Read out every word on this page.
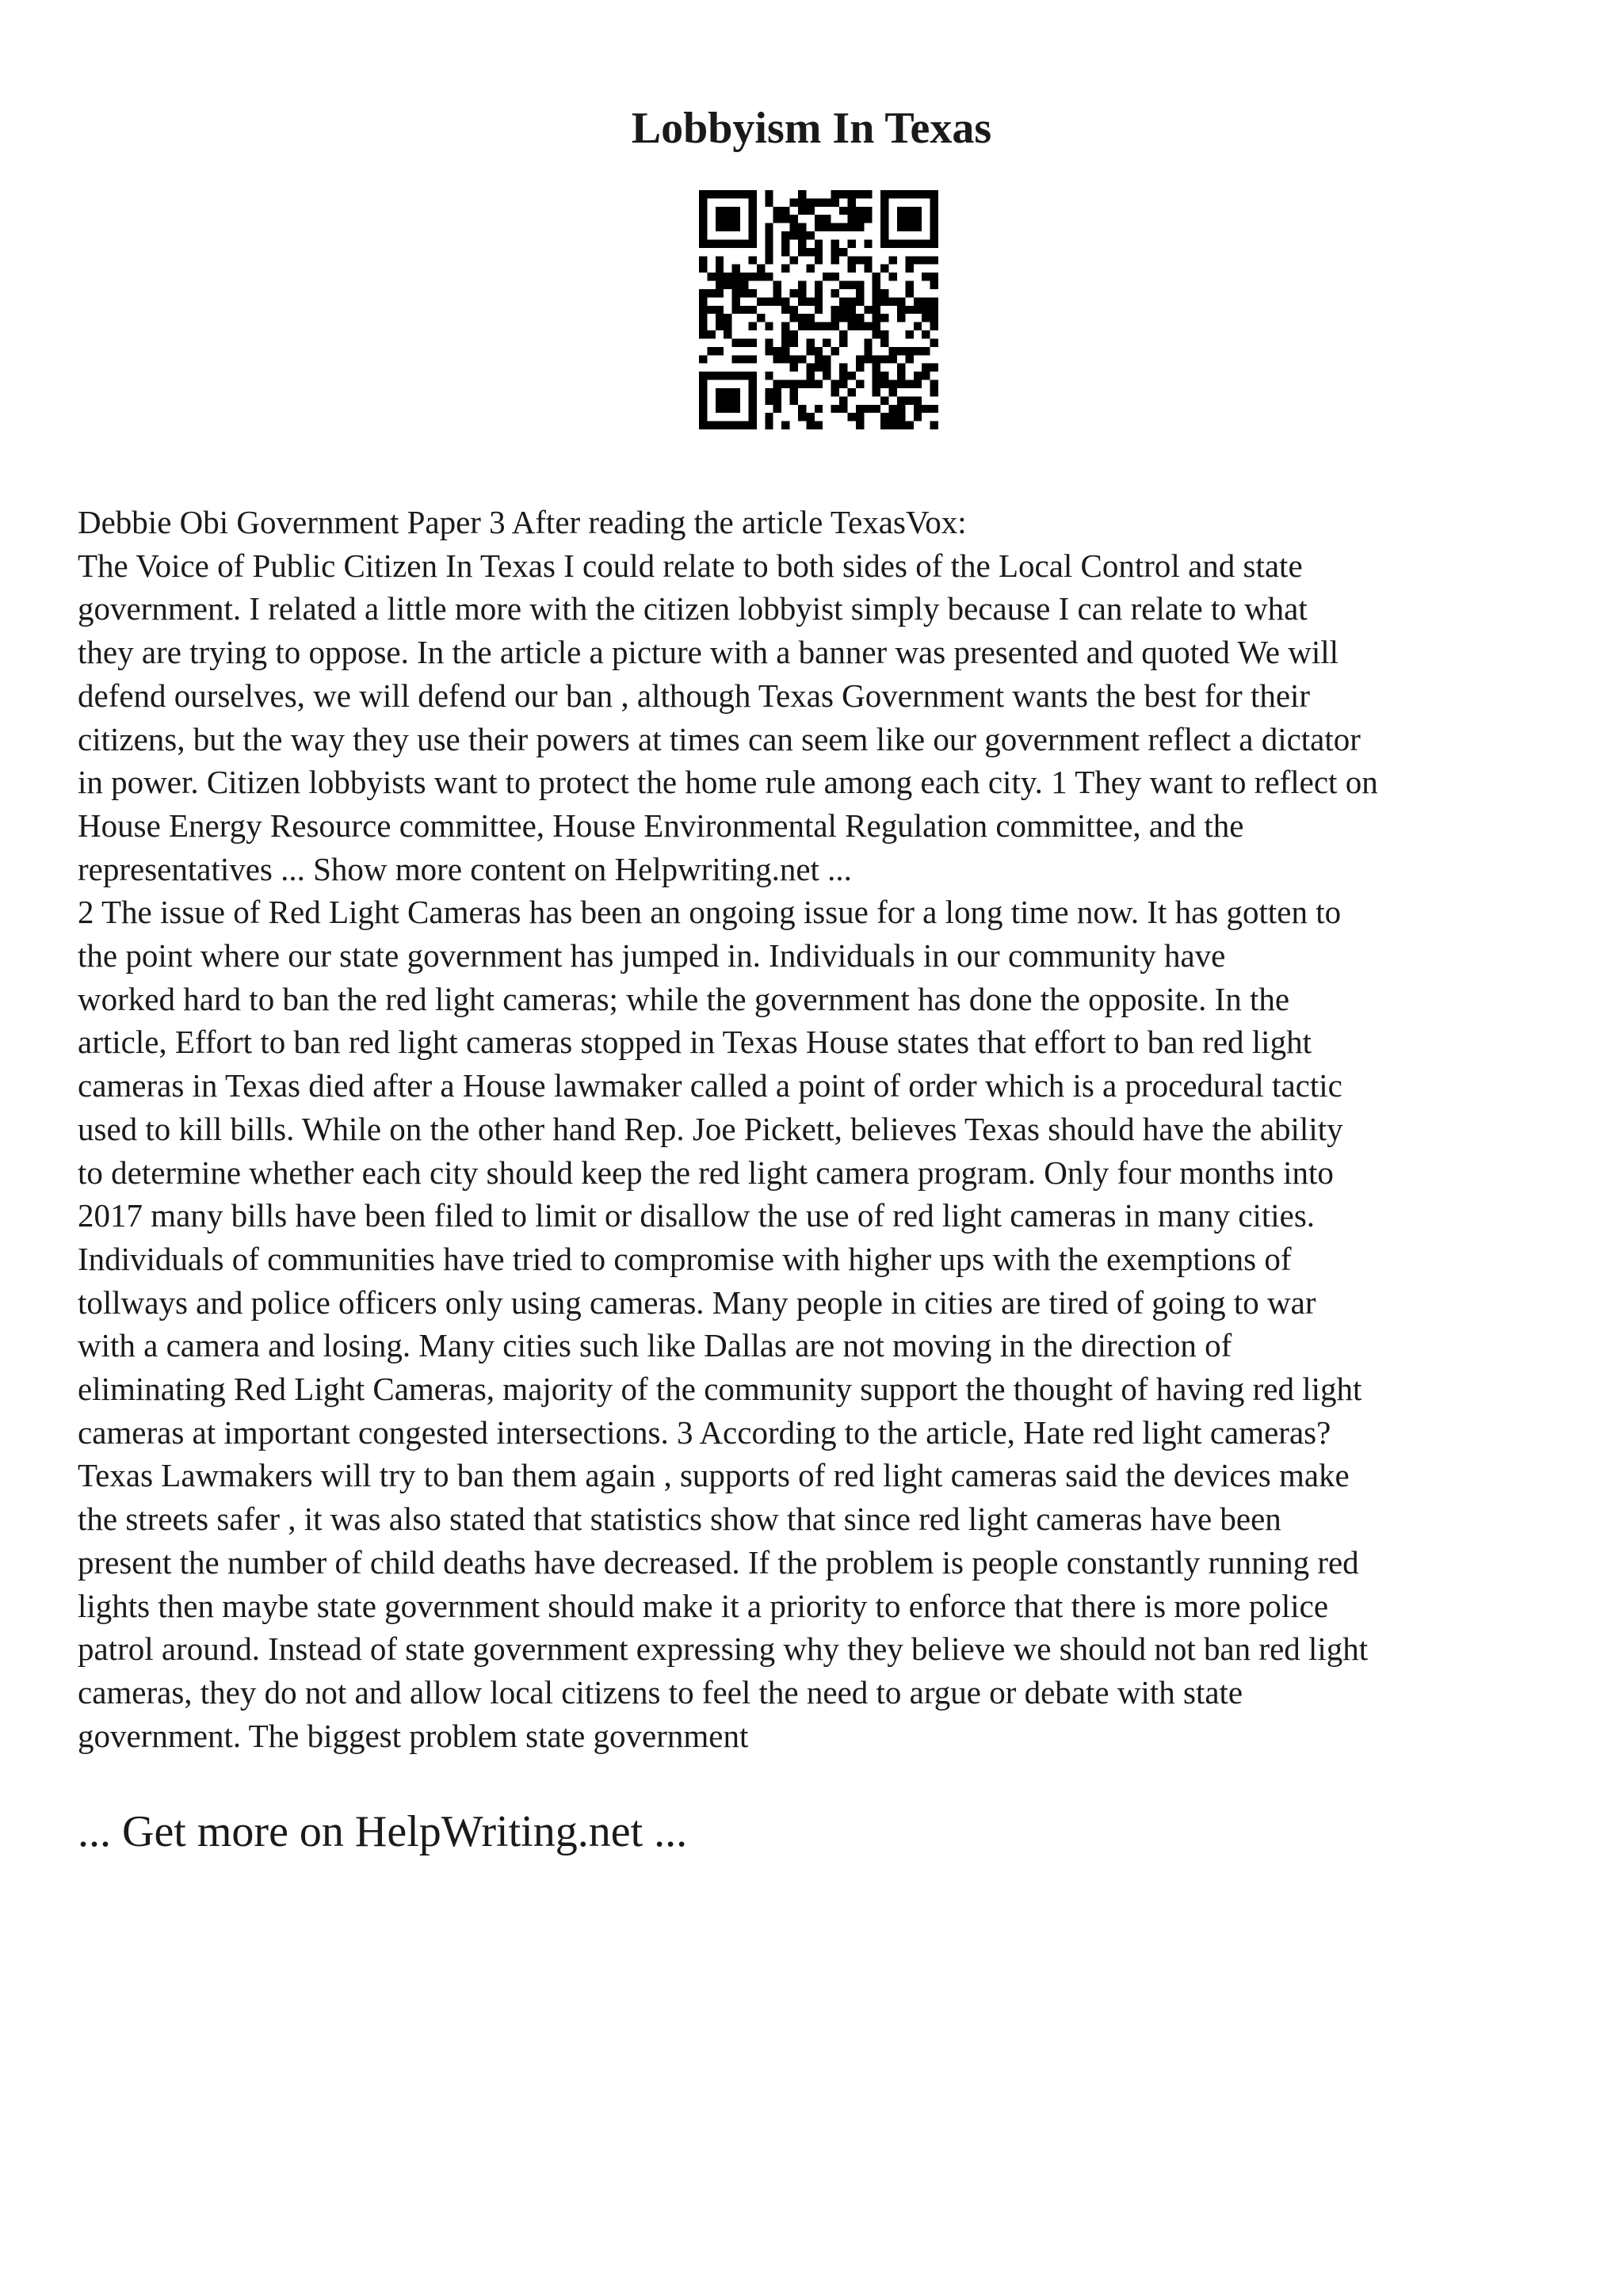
Lobbyism In Texas
Debbie Obi Government Paper 3 After reading the article TexasVox:
The Voice of Public Citizen In Texas I could relate to both sides of the Local Control and state
government. I related a little more with the citizen lobbyist simply because I can relate to what
they are trying to oppose. In the article a picture with a banner was presented and quoted We will
defend ourselves, we will defend our ban , although Texas Government wants the best for their
citizens, but the way they use their powers at times can seem like our government reflect a dictator
in power. Citizen lobbyists want to protect the home rule among each city. 1 They want to reflect on
House Energy Resource committee, House Environmental Regulation committee, and the
representatives ... Show more content on Helpwriting.net ...
2 The issue of Red Light Cameras has been an ongoing issue for a long time now. It has gotten to
the point where our state government has jumped in. Individuals in our community have
worked hard to ban the red light cameras; while the government has done the opposite. In the
article, Effort to ban red light cameras stopped in Texas House states that effort to ban red light
cameras in Texas died after a House lawmaker called a point of order which is a procedural tactic
used to kill bills. While on the other hand Rep. Joe Pickett, believes Texas should have the ability
to determine whether each city should keep the red light camera program. Only four months into
2017 many bills have been filed to limit or disallow the use of red light cameras in many cities.
Individuals of communities have tried to compromise with higher ups with the exemptions of
tollways and police officers only using cameras. Many people in cities are tired of going to war
with a camera and losing. Many cities such like Dallas are not moving in the direction of
eliminating Red Light Cameras, majority of the community support the thought of having red light
cameras at important congested intersections. 3 According to the article, Hate red light cameras?
Texas Lawmakers will try to ban them again , supports of red light cameras said the devices make
the streets safer , it was also stated that statistics show that since red light cameras have been
present the number of child deaths have decreased. If the problem is people constantly running red
lights then maybe state government should make it a priority to enforce that there is more police
patrol around. Instead of state government expressing why they believe we should not ban red light
cameras, they do not and allow local citizens to feel the need to argue or debate with state
government. The biggest problem state government
... Get more on HelpWriting.net ...
